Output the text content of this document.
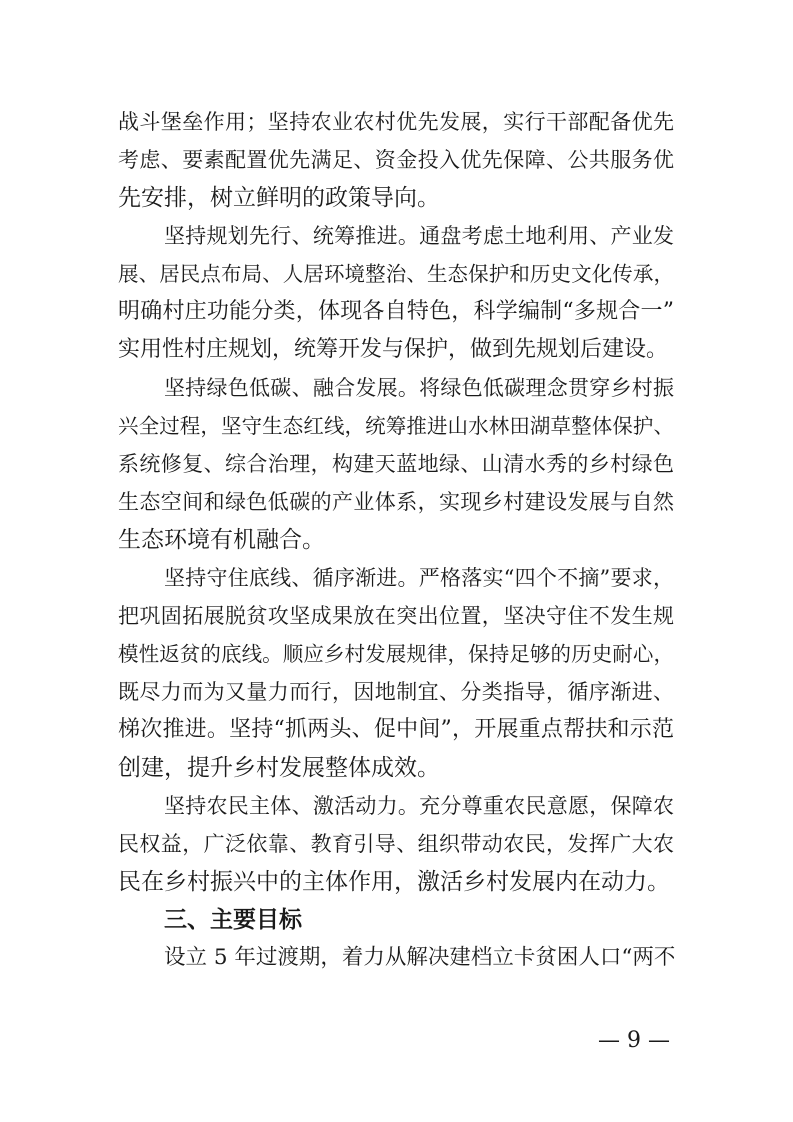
战斗堡垒作用；坚持农业农村优先发展，实行干部配备优先
考虑、要素配置优先满足、资金投入优先保障、公共服务优
先安排，树立鲜明的政策导向。
坚持规划先行、统筹推进。通盘考虑土地利用、产业发
展、居民点布局、人居环境整治、生态保护和历史文化传承，
明确村庄功能分类，体现各自特色，科学编制“多规合一”
实用性村庄规划，统筹开发与保护，做到先规划后建设。
坚持绿色低碳、融合发展。将绿色低碳理念贯穿乡村振
兴全过程，坚守生态红线，统筹推进山水林田湖草整体保护、
系统修复、综合治理，构建天蓝地绿、山清水秀的乡村绿色
生态空间和绿色低碳的产业体系，实现乡村建设发展与自然
生态环境有机融合。
坚持守住底线、循序渐进。严格落实“四个不摘”要求，
把巩固拓展脱贫攻坚成果放在突出位置，坚决守住不发生规
模性返贫的底线。顺应乡村发展规律，保持足够的历史耐心，
既尽力而为又量力而行，因地制宜、分类指导，循序渐进、
梯次推进。坚持“抓两头、促中间”，开展重点帮扶和示范
创建，提升乡村发展整体成效。
坚持农民主体、激活动力。充分尊重农民意愿，保障农
民权益，广泛依靠、教育引导、组织带动农民，发挥广大农
民在乡村振兴中的主体作用，激活乡村发展内在动力。
三、主要目标
设立 5 年过渡期，着力从解决建档立卡贫困人口“两不
— 9 —
